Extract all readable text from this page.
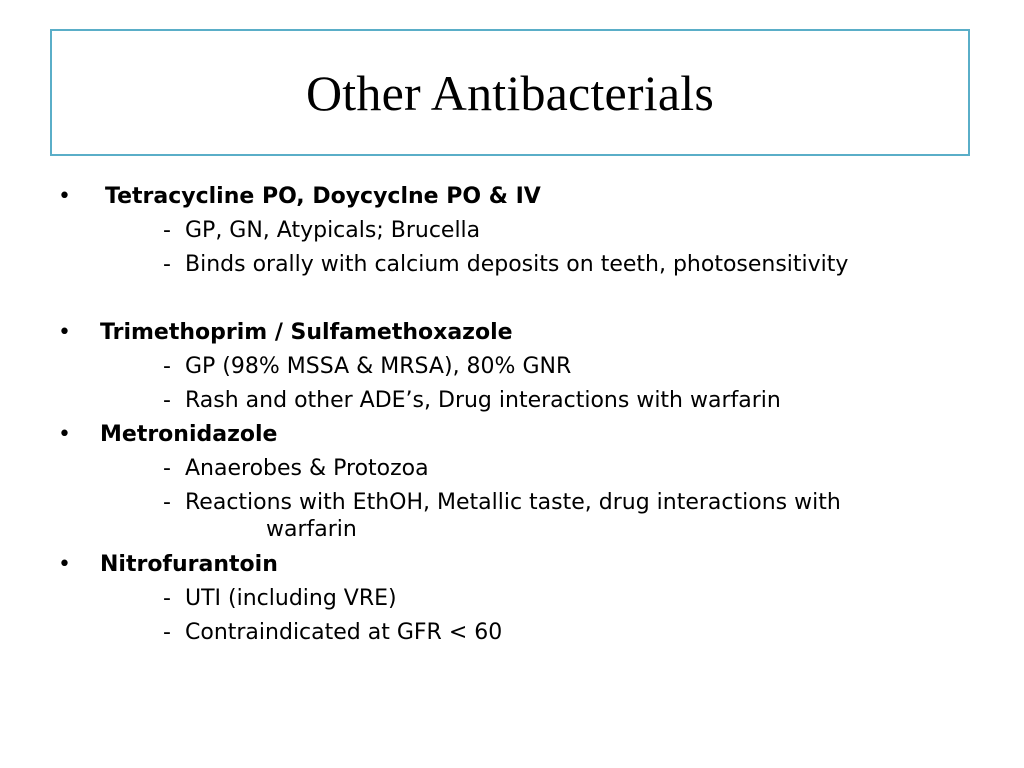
Other Antibacterials
• Tetracycline PO, Doycyclne PO & IV
- GP, GN, Atypicals; Brucella
- Binds orally with calcium deposits on teeth, photosensitivity
• Trimethoprim / Sulfamethoxazole
- GP (98% MSSA & MRSA), 80% GNR
- Rash and other ADE’s, Drug interactions with warfarin
• Metronidazole
- Anaerobes & Protozoa
- Reactions with EthOH, Metallic taste, drug interactions with
warfarin
• Nitrofurantoin
- UTI (including VRE)
- Contraindicated at GFR < 60
